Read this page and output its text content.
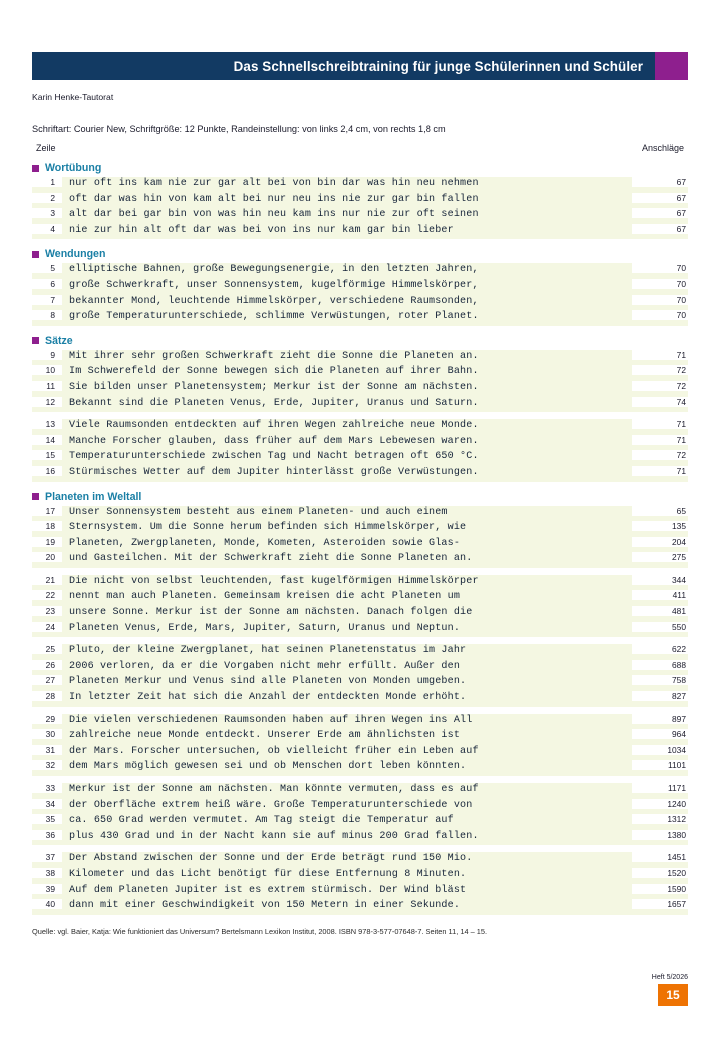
Das Schnellschreibtraining für junge Schülerinnen und Schüler
Karin Henke-Tautorat
Schriftart: Courier New, Schriftgröße: 12 Punkte, Randeinstellung: von links 2,4 cm, von rechts 1,8 cm
Zeile	Anschläge
Wortübung
1	nur oft ins kam nie zur gar alt bei von bin dar was hin neu nehmen	67
2	oft dar was hin von kam alt bei nur neu ins nie zur gar bin fallen	67
3	alt dar bei gar bin von was hin neu kam ins nur nie zur oft seinen	67
4	nie zur hin alt oft dar was bei von ins nur kam gar bin lieber	67
Wendungen
5	elliptische Bahnen, große Bewegungsenergie, in den letzten Jahren,	70
6	große Schwerkraft, unser Sonnensystem, kugelförmige Himmelskörper,	70
7	bekannter Mond, leuchtende Himmelskörper, verschiedene Raumsonden,	70
8	große Temperaturunterschiede, schlimme Verwüstungen, roter Planet.	70
Sätze
9	Mit ihrer sehr großen Schwerkraft zieht die Sonne die Planeten an.	71
10	Im Schwerefeld der Sonne bewegen sich die Planeten auf ihrer Bahn.	72
11	Sie bilden unser Planetensystem; Merkur ist der Sonne am nächsten.	72
12	Bekannt sind die Planeten Venus, Erde, Jupiter, Uranus und Saturn.	74
13	Viele Raumsonden entdeckten auf ihren Wegen zahlreiche neue Monde.	71
14	Manche Forscher glauben, dass früher auf dem Mars Lebewesen waren.	71
15	Temperaturunterschiede zwischen Tag und Nacht betragen oft 650 °C.	72
16	Stürmisches Wetter auf dem Jupiter hinterlässt große Verwüstungen.	71
Planeten im Weltall
17	Unser Sonnensystem besteht aus einem Planeten- und auch einem	65
18	Sternsystem. Um die Sonne herum befinden sich Himmelskörper, wie	135
19	Planeten, Zwergplaneten, Monde, Kometen, Asteroiden sowie Glas-	204
20	und Gasteilchen. Mit der Schwerkraft zieht die Sonne Planeten an.	275
21	Die nicht von selbst leuchtenden, fast kugelförmigen Himmelskörper	344
22	nennt man auch Planeten. Gemeinsam kreisen die acht Planeten um	411
23	unsere Sonne. Merkur ist der Sonne am nächsten. Danach folgen die	481
24	Planeten Venus, Erde, Mars, Jupiter, Saturn, Uranus und Neptun.	550
25	Pluto, der kleine Zwergplanet, hat seinen Planetenstatus im Jahr	622
26	2006 verloren, da er die Vorgaben nicht mehr erfüllt. Außer den	688
27	Planeten Merkur und Venus sind alle Planeten von Monden umgeben.	758
28	In letzter Zeit hat sich die Anzahl der entdeckten Monde erhöht.	827
29	Die vielen verschiedenen Raumsonden haben auf ihren Wegen ins All	897
30	zahlreiche neue Monde entdeckt. Unserer Erde am ähnlichsten ist	964
31	der Mars. Forscher untersuchen, ob vielleicht früher ein Leben auf	1034
32	dem Mars möglich gewesen sei und ob Menschen dort leben könnten.	1101
33	Merkur ist der Sonne am nächsten. Man könnte vermuten, dass es auf	1171
34	der Oberfläche extrem heiß wäre. Große Temperaturunterschiede von	1240
35	ca. 650 Grad werden vermutet. Am Tag steigt die Temperatur auf	1312
36	plus 430 Grad und in der Nacht kann sie auf minus 200 Grad fallen.	1380
37	Der Abstand zwischen der Sonne und der Erde beträgt rund 150 Mio.	1451
38	Kilometer und das Licht benötigt für diese Entfernung 8 Minuten.	1520
39	Auf dem Planeten Jupiter ist es extrem stürmisch. Der Wind bläst	1590
40	dann mit einer Geschwindigkeit von 150 Metern in einer Sekunde.	1657
Quelle: vgl. Baier, Katja: Wie funktioniert das Universum? Bertelsmann Lexikon Institut, 2008. ISBN 978-3-577-07648-7. Seiten 11, 14 – 15.
Heft 5/2026
15
